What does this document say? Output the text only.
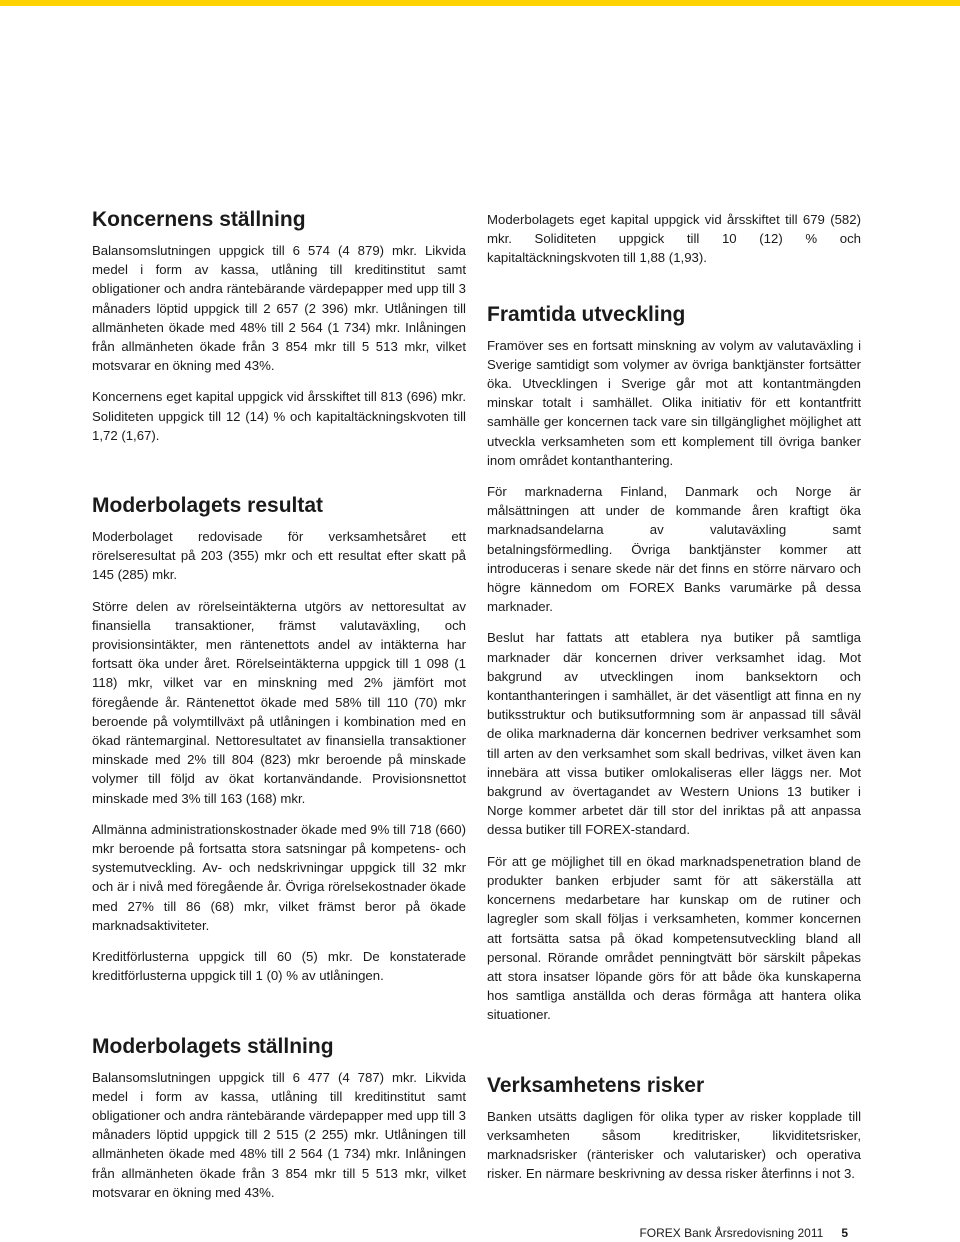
Koncernens ställning

Balansomslutningen uppgick till 6 574 (4 879) mkr. Likvida medel i form av kassa, utlåning till kreditinstitut samt obligationer och andra räntebärande värdepapper med upp till 3 månaders löptid uppgick till 2 657 (2 396) mkr. Utlåningen till allmänheten ökade med 48% till 2 564 (1 734) mkr. Inlåningen från allmänheten ökade från 3 854 mkr till 5 513 mkr, vilket motsvarar en ökning med 43%.

Koncernens eget kapital uppgick vid årsskiftet till 813 (696) mkr. Soliditeten uppgick till 12 (14) % och kapitaltäckningskvoten till 1,72 (1,67).

Moderbolagets resultat

Moderbolaget redovisade för verksamhetsåret ett rörelseresultat på 203 (355) mkr och ett resultat efter skatt på 145 (285) mkr.

Större delen av rörelseintäkterna utgörs av nettoresultat av finansiella transaktioner, främst valutaväxling, och provisionsintäkter, men räntenettots andel av intäkterna har fortsatt öka under året. Rörelseintäkterna uppgick till 1 098 (1 118) mkr, vilket var en minskning med 2% jämfört mot föregående år. Räntenettot ökade med 58% till 110 (70) mkr beroende på volymtillväxt på utlåningen i kombination med en ökad räntemarginal. Nettoresultatet av finansiella transaktioner minskade med 2% till 804 (823) mkr beroende på minskade volymer till följd av ökat kortanvändande. Provisionsnettot minskade med 3% till 163 (168) mkr.

Allmänna administrationskostnader ökade med 9% till 718 (660) mkr beroende på fortsatta stora satsningar på kompetens- och systemutveckling. Av- och nedskrivningar uppgick till 32 mkr och är i nivå med föregående år. Övriga rörelsekostnader ökade med 27% till 86 (68) mkr, vilket främst beror på ökade marknadsaktiviteter.

Kreditförlusterna uppgick till 60 (5) mkr. De konstaterade kreditförlusterna uppgick till 1 (0) % av utlåningen.

Moderbolagets ställning

Balansomslutningen uppgick till 6 477 (4 787) mkr. Likvida medel i form av kassa, utlåning till kreditinstitut samt obligationer och andra räntebärande värdepapper med upp till 3 månaders löptid uppgick till 2 515 (2 255) mkr. Utlåningen till allmänheten ökade med 48% till 2 564 (1 734) mkr. Inlåningen från allmänheten ökade från 3 854 mkr till 5 513 mkr, vilket motsvarar en ökning med 43%.

Moderbolagets eget kapital uppgick vid årsskiftet till 679 (582) mkr. Soliditeten uppgick till 10 (12) % och kapitaltäckningskvoten till 1,88 (1,93).

Framtida utveckling

Framöver ses en fortsatt minskning av volym av valutaväxling i Sverige samtidigt som volymer av övriga banktjänster fortsätter öka. Utvecklingen i Sverige går mot att kontantmängden minskar totalt i samhället. Olika initiativ för ett kontantfritt samhälle ger koncernen tack vare sin tillgänglighet möjlighet att utveckla verksamheten som ett komplement till övriga banker inom området kontanthantering.

För marknaderna Finland, Danmark och Norge är målsättningen att under de kommande åren kraftigt öka marknadsandelarna av valutaväxling samt betalningsförmedling. Övriga banktjänster kommer att introduceras i senare skede när det finns en större närvaro och högre kännedom om FOREX Banks varumärke på dessa marknader.

Beslut har fattats att etablera nya butiker på samtliga marknader där koncernen driver verksamhet idag. Mot bakgrund av utvecklingen inom banksektorn och kontanthanteringen i samhället, är det väsentligt att finna en ny butiksstruktur och butiksutformning som är anpassad till såväl de olika marknaderna där koncernen bedriver verksamhet som till arten av den verksamhet som skall bedrivas, vilket även kan innebära att vissa butiker omlokaliseras eller läggs ner. Mot bakgrund av övertagandet av Western Unions 13 butiker i Norge kommer arbetet där till stor del inriktas på att anpassa dessa butiker till FOREX-standard.

För att ge möjlighet till en ökad marknadspenetration bland de produkter banken erbjuder samt för att säkerställa att koncernens medarbetare har kunskap om de rutiner och lagregler som skall följas i verksamheten, kommer koncernen att fortsätta satsa på ökad kompetensutveckling bland all personal. Rörande området penningtvätt bör särskilt påpekas att stora insatser löpande görs för att både öka kunskaperna hos samtliga anställda och deras förmåga att hantera olika situationer.

Verksamhetens risker

Banken utsätts dagligen för olika typer av risker kopplade till verksamheten såsom kreditrisker, likviditetsrisker, marknadsrisker (ränterisker och valutarisker) och operativa risker. En närmare beskrivning av dessa risker återfinns i not 3.

FOREX Bank Årsredovisning 2011 5
